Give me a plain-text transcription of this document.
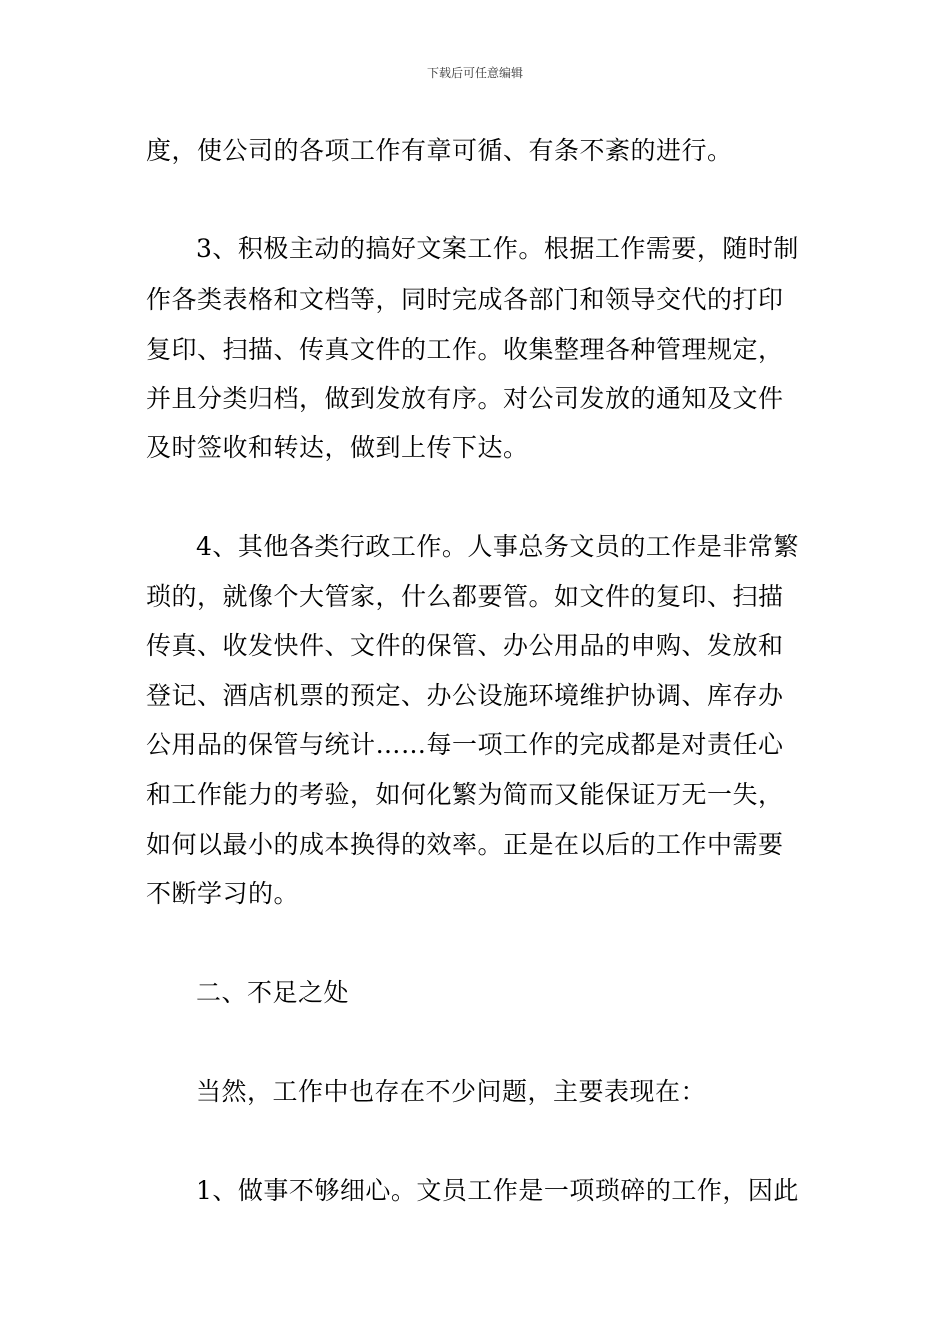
下载后可任意编辑
度，使公司的各项工作有章可循、有条不紊的进行。
3、积极主动的搞好文案工作。根据工作需要，随时制
作各类表格和文档等，同时完成各部门和领导交代的打印
复印、扫描、传真文件的工作。收集整理各种管理规定，
并且分类归档，做到发放有序。对公司发放的通知及文件
及时签收和转达，做到上传下达。
4、其他各类行政工作。人事总务文员的工作是非常繁
琐的，就像个大管家，什么都要管。如文件的复印、扫描
传真、收发快件、文件的保管、办公用品的申购、发放和
登记、酒店机票的预定、办公设施环境维护协调、库存办
公用品的保管与统计……每一项工作的完成都是对责任心
和工作能力的考验，如何化繁为简而又能保证万无一失，
如何以最小的成本换得的效率。正是在以后的工作中需要
不断学习的。
二、不足之处
当然，工作中也存在不少问题，主要表现在：
1、做事不够细心。文员工作是一项琐碎的工作，因此
